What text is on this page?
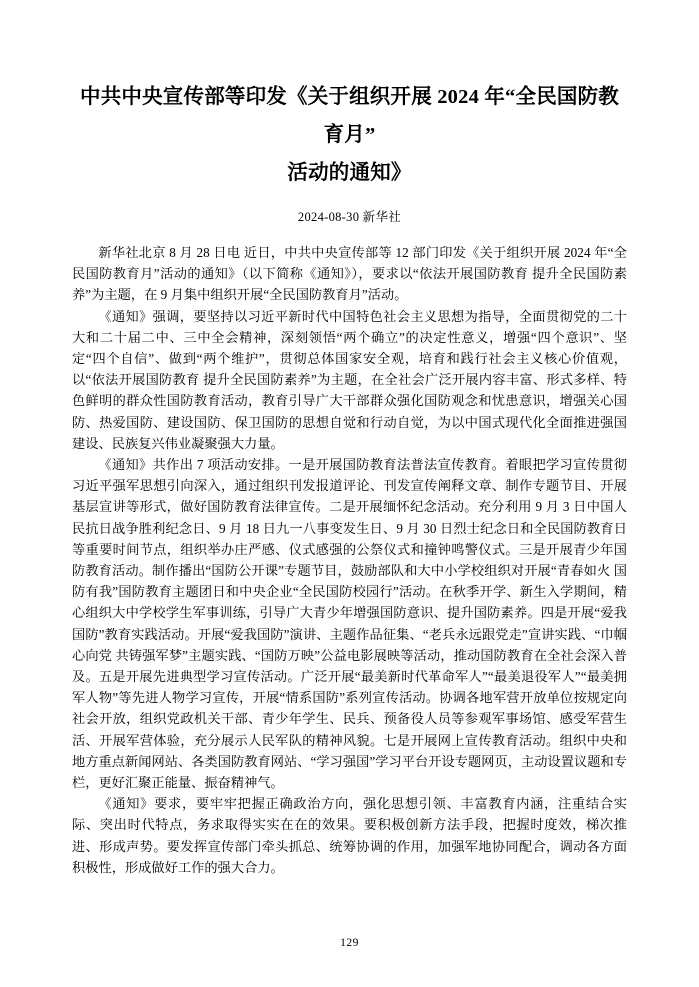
中共中央宣传部等印发《关于组织开展 2024 年“全民国防教育月”
活动的通知》
2024-08-30 新华社

新华社北京 8 月 28 日电 近日，中共中央宣传部等 12 部门印发《关于组织开展 2024 年“全民国防教育月”活动的通知》（以下简称《通知》），要求以“依法开展国防教育 提升全民国防素养”为主题，在 9 月集中组织开展“全民国防教育月”活动。

《通知》强调，要坚持以习近平新时代中国特色社会主义思想为指导，全面贯彻党的二十大和二十届二中、三中全会精神，深刻领悟“两个确立”的决定性意义，增强“四个意识”、坚定“四个自信”、做到“两个维护”，贯彻总体国家安全观，培育和践行社会主义核心价值观，以“依法开展国防教育 提升全民国防素养”为主题，在全社会广泛开展内容丰富、形式多样、特色鲜明的群众性国防教育活动，教育引导广大干部群众强化国防观念和忧患意识，增强关心国防、热爱国防、建设国防、保卫国防的思想自觉和行动自觉，为以中国式现代化全面推进强国建设、民族复兴伟业凝聚强大力量。

《通知》共作出 7 项活动安排。一是开展国防教育法普法宣传教育。着眼把学习宣传贯彻习近平强军思想引向深入，通过组织刊发报道评论、刊发宣传阐释文章、制作专题节目、开展基层宣讲等形式，做好国防教育法律宣传。二是开展缅怀纪念活动。充分利用 9 月 3 日中国人民抗日战争胜利纪念日、9 月 18 日九一八事变发生日、9 月 30 日烈士纪念日和全民国防教育日等重要时间节点，组织举办庄严感、仪式感强的公祭仪式和撞钟鸣警仪式。三是开展青少年国防教育活动。制作播出“国防公开课”专题节目，鼓励部队和大中小学校组织对开展“青春如火 国防有我”国防教育主题团日和中央企业“全民国防校园行”活动。在秋季开学、新生入学期间，精心组织大中学校学生军事训练，引导广大青少年增强国防意识、提升国防素养。四是开展“爱我国防”教育实践活动。开展“爱我国防”演讲、主题作品征集、“老兵永远跟党走”宣讲实践、“巾帼心向党 共铸强军梦”主题实践、“国防万映”公益电影展映等活动，推动国防教育在全社会深入普及。五是开展先进典型学习宣传活动。广泛开展“最美新时代革命军人”“最美退役军人”“最美拥军人物”等先进人物学习宣传，开展“情系国防”系列宣传活动。协调各地军营开放单位按规定向社会开放，组织党政机关干部、青少年学生、民兵、预备役人员等参观军事场馆、感受军营生活、开展军营体验，充分展示人民军队的精神风貌。七是开展网上宣传教育活动。组织中央和地方重点新闻网站、各类国防教育网站、“学习强国”学习平台开设专题网页，主动设置议题和专栏，更好汇聚正能量、振奋精神气。

《通知》要求，要牢牢把握正确政治方向，强化思想引领、丰富教育内涵，注重结合实际、突出时代特点，务求取得实实在在的效果。要积极创新方法手段，把握时度效，梯次推进、形成声势。要发挥宣传部门牵头抓总、统筹协调的作用，加强军地协同配合，调动各方面积极性，形成做好工作的强大合力。

129
